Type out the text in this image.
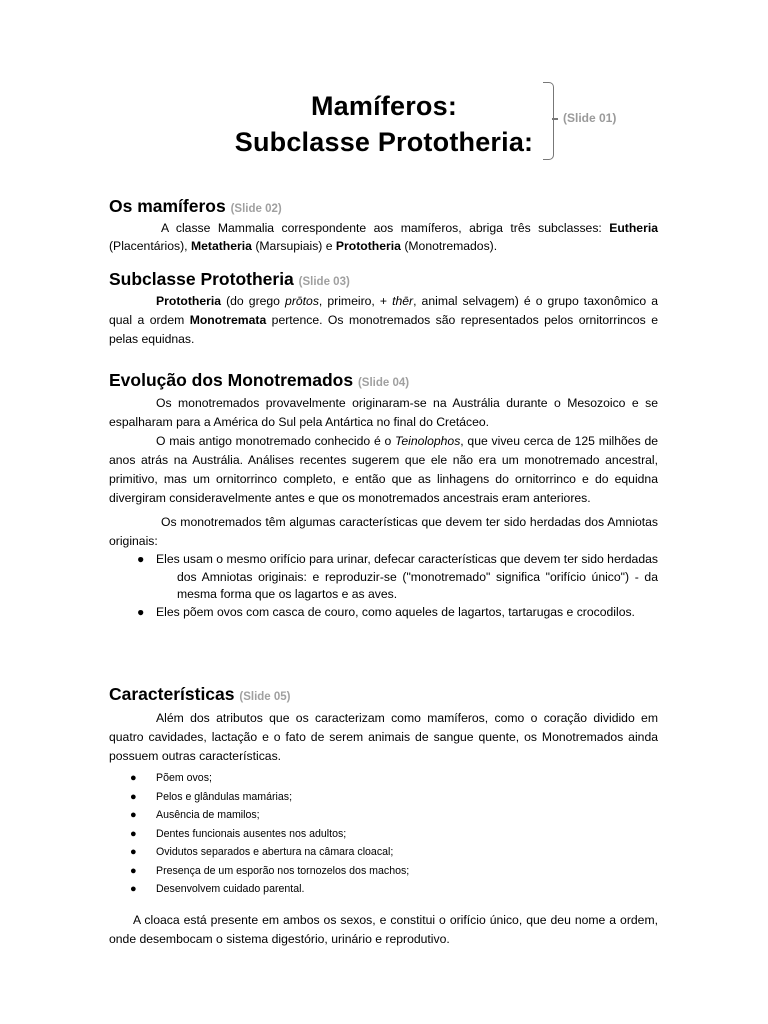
Mamíferos:
Subclasse Prototheria:
(Slide 01)
Os mamíferos (Slide 02)

A classe Mammalia correspondente aos mamíferos, abriga três subclasses: Eutheria (Placentários), Metatheria (Marsupiais) e Prototheria (Monotremados).

Subclasse Prototheria (Slide 03)

Prototheria (do grego prōtos, primeiro, + thēr, animal selvagem) é o grupo taxonômico a qual a ordem Monotremata pertence. Os monotremados são representados pelos ornitorrincos e pelas equidnas.

Evolução dos Monotremados (Slide 04)

Os monotremados provavelmente originaram-se na Austrália durante o Mesozoico e se espalharam para a América do Sul pela Antártica no final do Cretáceo.

O mais antigo monotremado conhecido é o Teinolophos, que viveu cerca de 125 milhões de anos atrás na Austrália. Análises recentes sugerem que ele não era um monotremado ancestral, primitivo, mas um ornitorrinco completo, e então que as linhagens do ornitorrinco e do equidna divergiram consideravelmente antes e que os monotremados ancestrais eram anteriores.

Os monotremados têm algumas características que devem ter sido herdadas dos Amniotas originais:

● Eles usam o mesmo orifício para urinar, defecar características que devem ter sido herdadas dos Amniotas originais: e reproduzir-se ("monotremado" significa "orifício único") - da mesma forma que os lagartos e as aves.
● Eles põem ovos com casca de couro, como aqueles de lagartos, tartarugas e crocodilos.
Características (Slide 05)

Além dos atributos que os caracterizam como mamíferos, como o coração dividido em quatro cavidades, lactação e o fato de serem animais de sangue quente, os Monotremados ainda possuem outras características.

● Põem ovos;
● Pelos e glândulas mamárias;
● Ausência de mamilos;
● Dentes funcionais ausentes nos adultos;
● Ovidutos separados e abertura na câmara cloacal;
● Presença de um esporão nos tornozelos dos machos;
● Desenvolvem cuidado parental.

A cloaca está presente em ambos os sexos, e constitui o orifício único, que deu nome a ordem, onde desembocam o sistema digestório, urinário e reprodutivo.
